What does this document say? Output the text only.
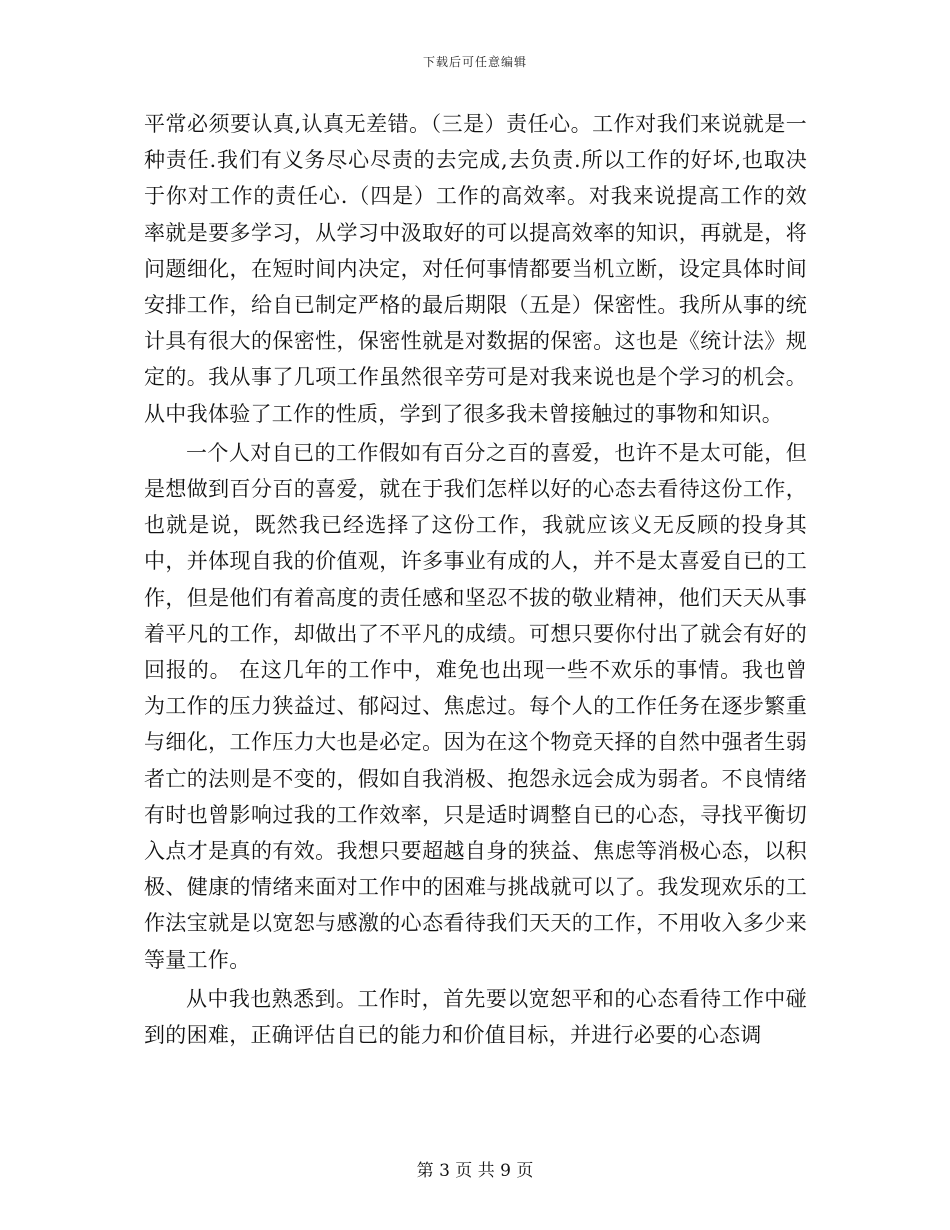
下载后可任意编辑

平常必须要认真,认真无差错。（三是）责任心。工作对我们来说就是一种责任.我们有义务尽心尽责的去完成,去负责.所以工作的好坏,也取决于你对工作的责任心.（四是）工作的高效率。对我来说提高工作的效率就是要多学习，从学习中汲取好的可以提高效率的知识，再就是，将问题细化，在短时间内决定，对任何事情都要当机立断，设定具体时间安排工作，给自已制定严格的最后期限（五是）保密性。我所从事的统计具有很大的保密性，保密性就是对数据的保密。这也是《统计法》规定的。我从事了几项工作虽然很辛劳可是对我来说也是个学习的机会。从中我体验了工作的性质，学到了很多我未曾接触过的事物和知识。

一个人对自已的工作假如有百分之百的喜爱，也许不是太可能，但是想做到百分百的喜爱，就在于我们怎样以好的心态去看待这份工作，也就是说，既然我已经选择了这份工作，我就应该义无反顾的投身其中，并体现自我的价值观，许多事业有成的人，并不是太喜爱自已的工作，但是他们有着高度的责任感和坚忍不拔的敬业精神，他们天天从事着平凡的工作，却做出了不平凡的成绩。可想只要你付出了就会有好的回报的。 在这几年的工作中，难免也出现一些不欢乐的事情。我也曾为工作的压力狭益过、郁闷过、焦虑过。每个人的工作任务在逐步繁重与细化，工作压力大也是必定。因为在这个物竞天择的自然中强者生弱者亡的法则是不变的，假如自我消极、抱怨永远会成为弱者。不良情绪有时也曾影响过我的工作效率，只是适时调整自已的心态，寻找平衡切入点才是真的有效。我想只要超越自身的狭益、焦虑等消极心态，以积极、健康的情绪来面对工作中的困难与挑战就可以了。我发现欢乐的工作法宝就是以宽恕与感激的心态看待我们天天的工作，不用收入多少来等量工作。

从中我也熟悉到。工作时，首先要以宽恕平和的心态看待工作中碰到的困难，正确评估自已的能力和价值目标，并进行必要的心态调

第 3 页 共 9 页
